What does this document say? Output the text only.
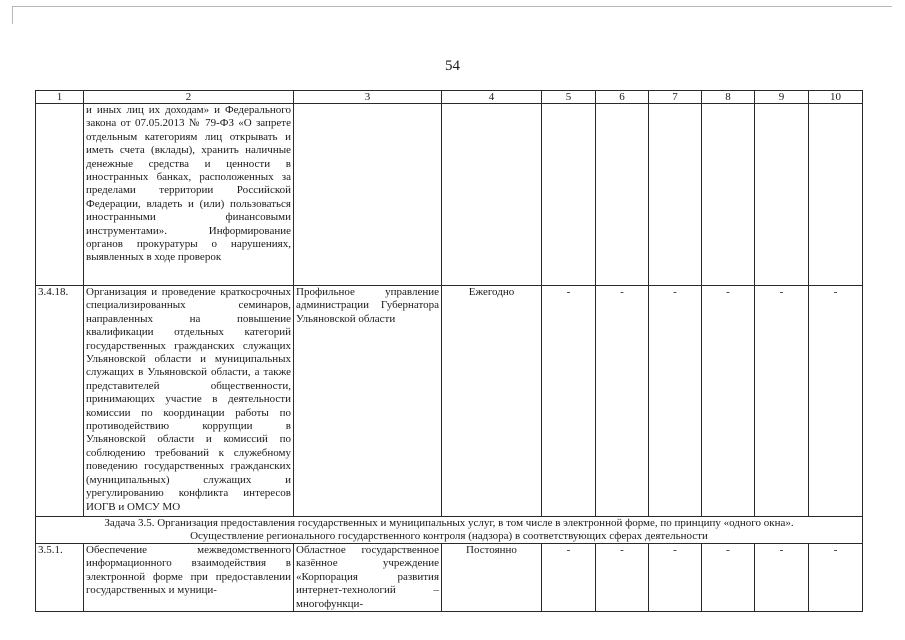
54
1	2	3	4	5	6	7	8	9	10
	и иных лиц их доходам» и Федерального закона от 07.05.2013 № 79-ФЗ «О запрете отдельным категориям лиц открывать и иметь счета (вклады), хранить наличные денежные средства и ценности в иностранных банках, расположенных за пределами территории Российской Федерации, владеть и (или) пользоваться иностранными финансовыми инструментами». Информирование органов прокуратуры о нарушениях, выявленных в ходе проверок								
3.4.18.	Организация и проведение краткосрочных специализированных семинаров, направленных на повышение квалификации отдельных категорий государственных гражданских служащих Ульяновской области и муниципальных служащих в Ульяновской области, а также представителей общественности, принимающих участие в деятельности комиссии по координации работы по противодействию коррупции в Ульяновской области и комиссий по соблюдению требований к служебному поведению государственных гражданских (муниципальных) служащих и урегулированию конфликта интересов ИОГВ и ОМСУ МО	Профильное управление администрации Губернатора Ульяновской области	Ежегодно	-	-	-	-	-	-

Задача 3.5. Организация предоставления государственных и муниципальных услуг, в том числе в электронной форме, по принципу «одного окна».
Осуществление регионального государственного контроля (надзора) в соответствующих сферах деятельности									

3.5.1.	Обеспечение межведомственного информационного взаимодействия в электронной форме при предоставлении государственных и муници-	Областное государственное казённое учреждение «Корпорация развития интернет-технологий – многофункци-	Постоянно	-	-	-	-	-	-
